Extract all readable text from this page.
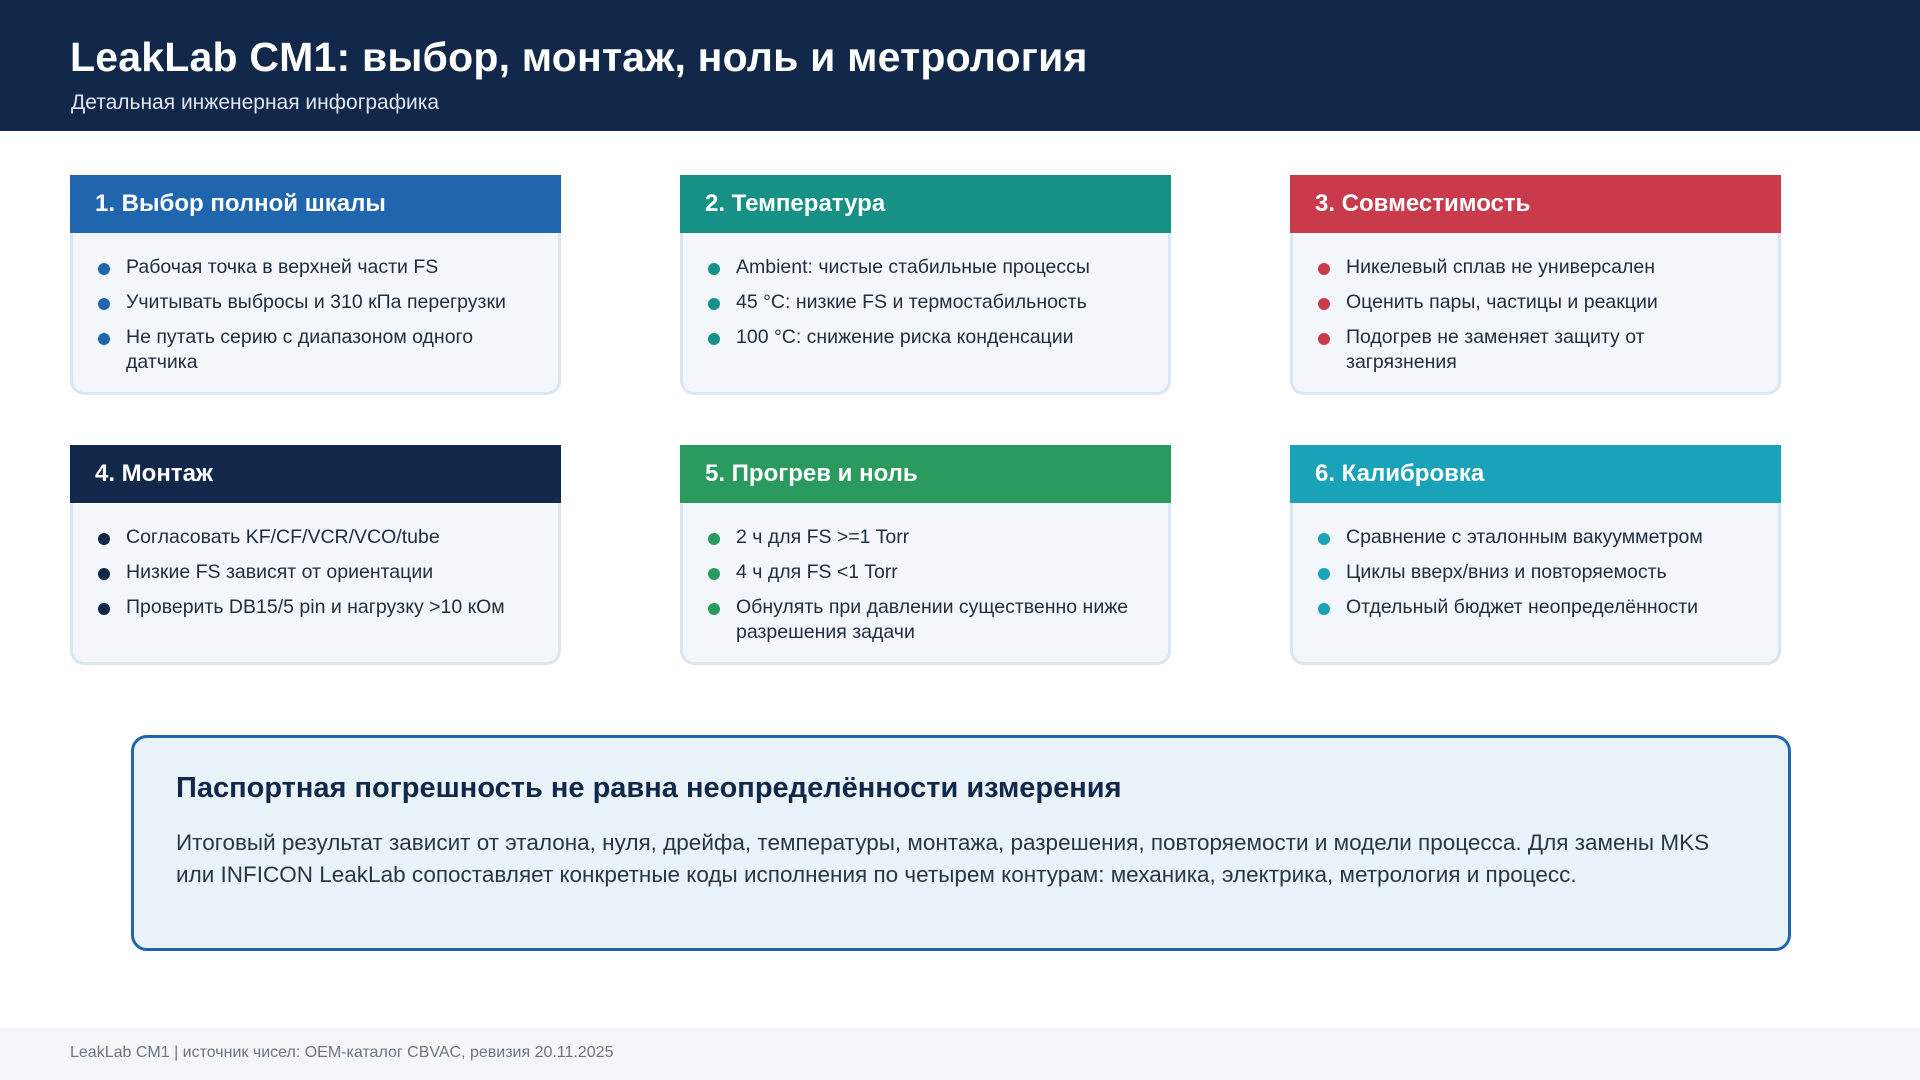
LeakLab CM1: выбор, монтаж, ноль и метрология
Детальная инженерная инфографика
1. Выбор полной шкалы
Рабочая точка в верхней части FS
Учитывать выбросы и 310 кПа перегрузки
Не путать серию с диапазоном одного датчика
2. Температура
Ambient: чистые стабильные процессы
45 °C: низкие FS и термостабильность
100 °C: снижение риска конденсации
3. Совместимость
Никелевый сплав не универсален
Оценить пары, частицы и реакции
Подогрев не заменяет защиту от загрязнения
4. Монтаж
Согласовать KF/CF/VCR/VCO/tube
Низкие FS зависят от ориентации
Проверить DB15/5 pin и нагрузку >10 кОм
5. Прогрев и ноль
2 ч для FS >=1 Torr
4 ч для FS <1 Torr
Обнулять при давлении существенно ниже разрешения задачи
6. Калибровка
Сравнение с эталонным вакуумметром
Циклы вверх/вниз и повторяемость
Отдельный бюджет неопределённости
Паспортная погрешность не равна неопределённости измерения
Итоговый результат зависит от эталона, нуля, дрейфа, температуры, монтажа, разрешения, повторяемости и модели процесса. Для замены MKS или INFICON LeakLab сопоставляет конкретные коды исполнения по четырем контурам: механика, электрика, метрология и процесс.
LeakLab CM1 | источник чисел: OEM-каталог CBVAC, ревизия 20.11.2025
